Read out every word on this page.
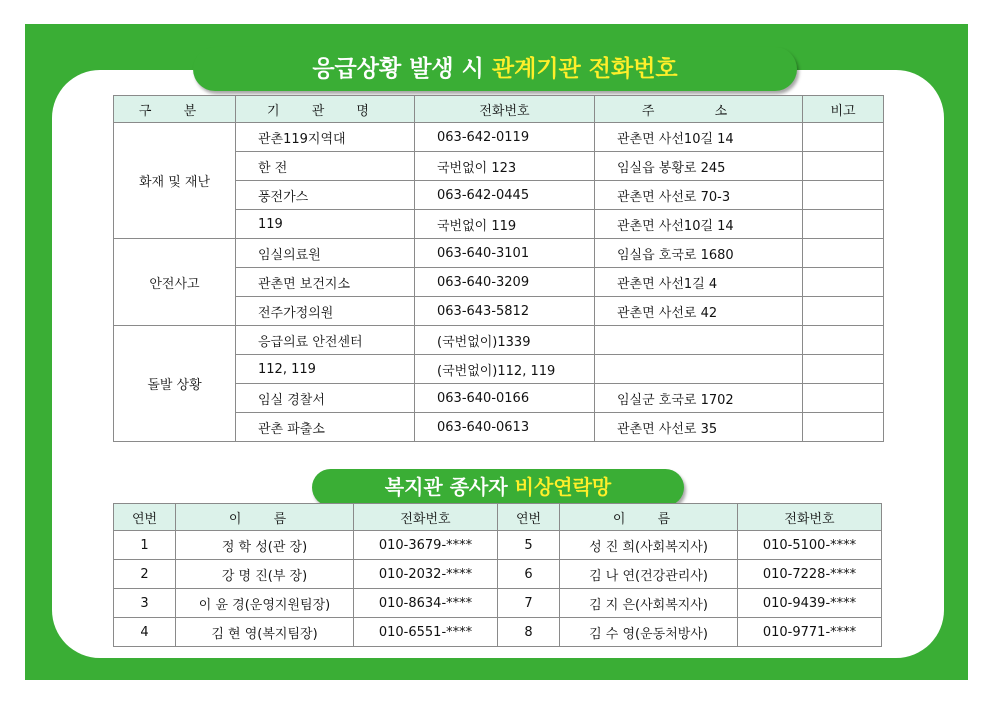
응급상황 발생 시 관계기관 전화번호
구 분	기 관 명	전화번호	주 소	비고
화재 및 재난	관촌119지역대	063-642-0119	관촌면 사선10길 14	
	한 전	국번없이 123	임실읍 봉황로 245	
	풍전가스	063-642-0445	관촌면 사선로 70-3	
	119	국번없이 119	관촌면 사선10길 14	
안전사고	임실의료원	063-640-3101	임실읍 호국로 1680	
	관촌면 보건지소	063-640-3209	관촌면 사선1길 4	
	전주가정의원	063-643-5812	관촌면 사선로 42	
돌발 상황	응급의료 안전센터	(국번없이)1339		
	112, 119	(국번없이)112, 119		
	임실 경찰서	063-640-0166	임실군 호국로 1702	
	관촌 파출소	063-640-0613	관촌면 사선로 35	
복지관 종사자 비상연락망
연번	이 름	전화번호	연번	이 름	전화번호
1	정 학 성(관 장)	010-3679-****	5	성 진 희(사회복지사)	010-5100-****
2	강 명 진(부 장)	010-2032-****	6	김 나 연(건강관리사)	010-7228-****
3	이 윤 경(운영지원팀장)	010-8634-****	7	김 지 은(사회복지사)	010-9439-****
4	김 현 영(복지팀장)	010-6551-****	8	김 수 영(운동처방사)	010-9771-****
